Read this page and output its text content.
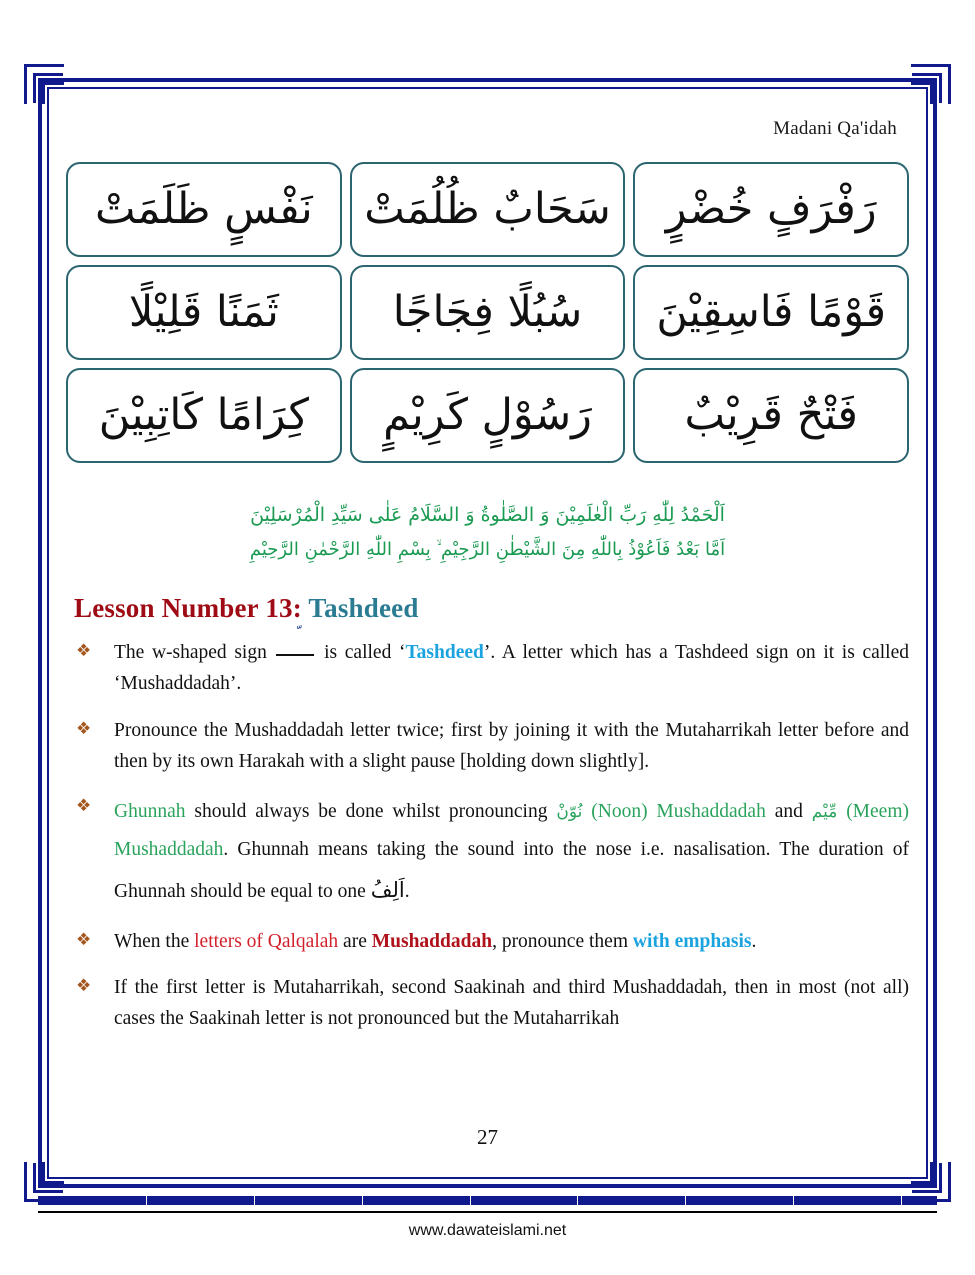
Madani Qa'idah
رَفْرَفٍ خُضْرٍ
سَحَابٌ ظُلُمَتْ
نَفْسٍ ظَلَمَتْ
قَوْمًا فَاسِقِيْنَ
سُبُلًا فِجَاجًا
ثَمَنًا قَلِيْلًا
فَتْحٌ قَرِيْبٌ
رَسُوْلٍ كَرِيْمٍ
كِرَامًا كَاتِبِيْنَ
اَلْحَمْدُ لِلّٰهِ رَبِّ الْعٰلَمِيْنَ وَ الصَّلٰوةُ وَ السَّلَامُ عَلٰى سَيِّدِ الْمُرْسَلِيْنَ
اَمَّا بَعْدُ فَاَعُوْذُ بِاللّٰهِ مِنَ الشَّيْطٰنِ الرَّجِيْمِ ۙ بِسْمِ اللّٰهِ الرَّحْمٰنِ الرَّحِيْمِ
Lesson Number 13: Tashdeed
❖	The w-shaped sign
is called ‘Tashdeed’. A letter which has a Tashdeed sign on it is called ‘Mushaddadah’.
❖	Pronounce the Mushaddadah letter twice; first by joining it with the Mutaharrikah letter before and then by its own Harakah with a slight pause [holding down slightly].
❖	Ghunnah should always be done whilst pronouncing نُوّنْ (Noon) Mushaddadah and مِّيْم (Meem) Mushaddadah. Ghunnah means taking the sound into the nose i.e. nasalisation. The duration of Ghunnah should be equal to one اَلِفُ.
❖	When the letters of Qalqalah are Mushaddadah, pronounce them with emphasis.
❖	If the first letter is Mutaharrikah, second Saakinah and third Mushaddadah, then in most (not all) cases the Saakinah letter is not pronounced but the Mutaharrikah
27
www.dawateislami.net
